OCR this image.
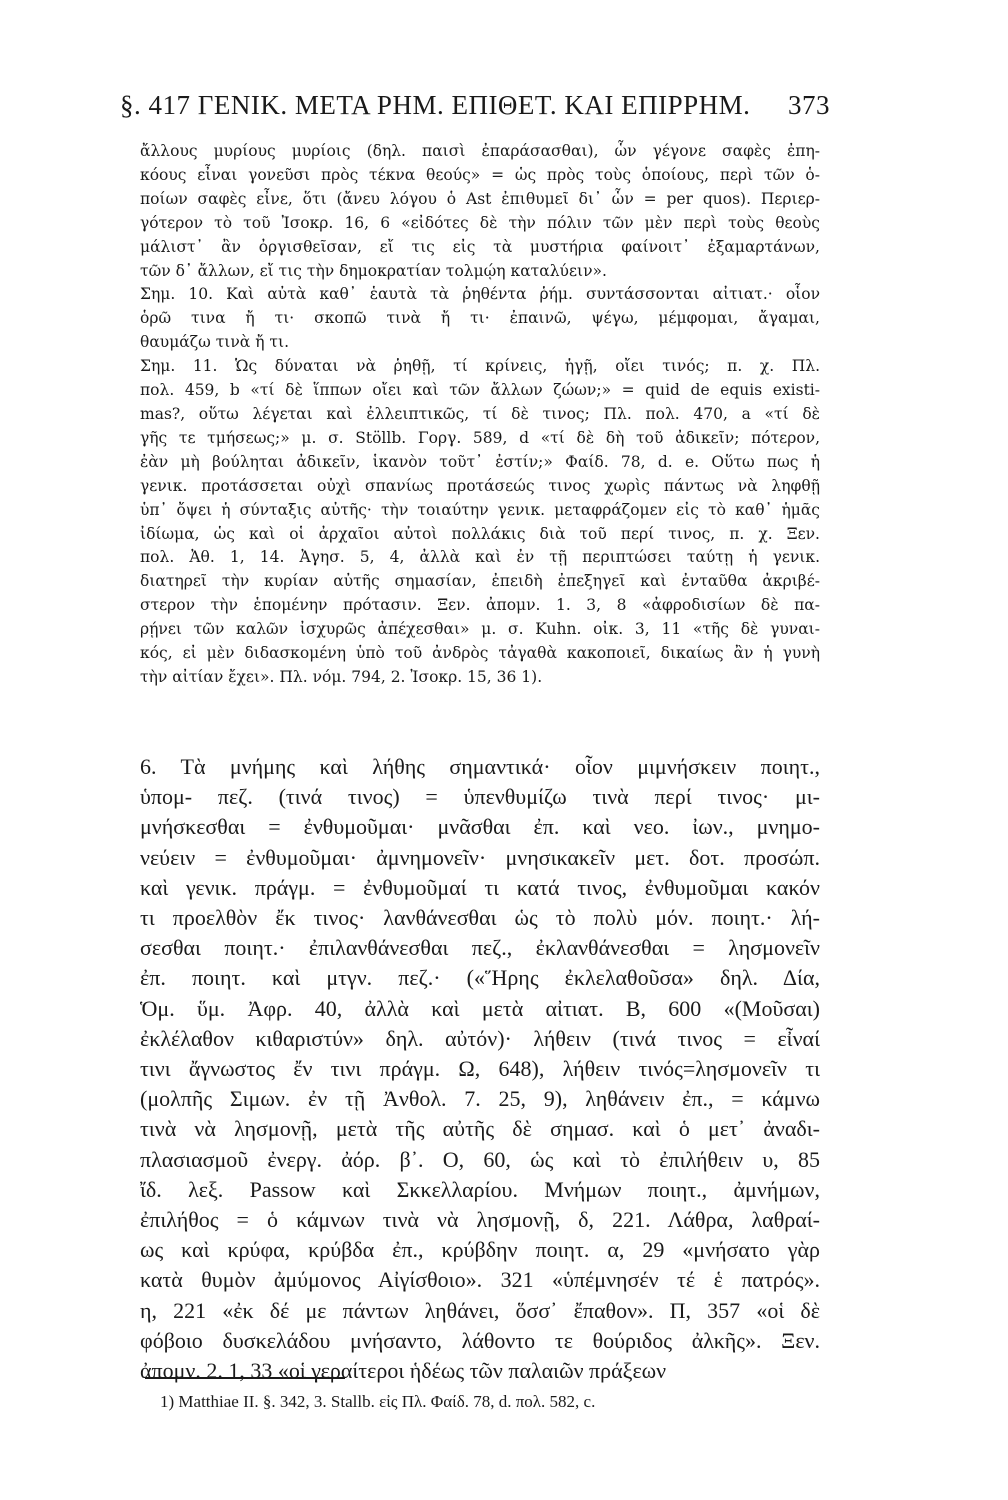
§. 417 ΓΕΝΙΚ. ΜΕΤΑ ΡΗΜ. ΕΠΙΘΕΤ. ΚΑΙ ΕΠΙΡΡΗΜ. 373
ἄλλους μυρίους μυρίοις (δηλ. παισὶ ἐπαράσασθαι), ὧν γέγονε σαφὲς ἐπη-
κόους εἶναι γονεῦσι πρὸς τέκνα θεούς» = ὡς πρὸς τοὺς ὁποίους, περὶ τῶν ὁ-
ποίων σαφὲς εἶνε, ὅτι (ἄνευ λόγου ὁ Ast ἐπιθυμεῖ δι᾿ ὧν = per quos). Περιερ-
γότερον τὸ τοῦ Ἰσοκρ. 16, 6 «εἰδότες δὲ τὴν πόλιν τῶν μὲν περὶ τοὺς θεοὺς
μάλιστ᾿ ἂν ὀργισθεῖσαν, εἴ τις εἰς τὰ μυστήρια φαίνοιτ᾿ ἐξαμαρτάνων,
τῶν δ᾿ ἄλλων, εἴ τις τὴν δημοκρατίαν τολμῴη καταλύειν».
Σημ. 10. Καὶ αὐτὰ καθ᾿ ἑαυτὰ τὰ ῥηθέντα ῥήμ. συντάσσονται αἰτιατ.· οἷον
ὁρῶ τινα ἤ τι· σκοπῶ τινὰ ἤ τι· ἐπαινῶ, ψέγω, μέμφομαι, ἄγαμαι,
θαυμάζω τινὰ ἤ τι.
Σημ. 11. Ὡς δύναται νὰ ῥηθῇ, τί κρίνεις, ἡγῇ, οἴει τινός; π. χ. Πλ.
πολ. 459, b «τί δὲ ἵππων οἴει καὶ τῶν ἄλλων ζώων;» = quid de equis existi-
mas?, οὕτω λέγεται καὶ ἐλλειπτικῶς, τί δὲ τινος; Πλ. πολ. 470, a «τί δὲ
γῆς τε τμήσεως;» μ. σ. Stöllb. Γοργ. 589, d «τί δὲ δὴ τοῦ ἀδικεῖν; πότερον,
ἐὰν μὴ βούληται ἀδικεῖν, ἱκανὸν τοῦτ᾿ ἐστίν;» Φαίδ. 78, d. e. Οὕτω πως ἡ
γενικ. προτάσσεται οὐχὶ σπανίως προτάσεώς τινος χωρὶς πάντως νὰ ληφθῇ
ὑπ᾿ ὄψει ἡ σύνταξις αὐτῆς· τὴν τοιαύτην γενικ. μεταφράζομεν εἰς τὸ καθ᾿ ἡμᾶς
ἰδίωμα, ὡς καὶ οἱ ἀρχαῖοι αὐτοὶ πολλάκις διὰ τοῦ περί τινος, π. χ. Ξεν.
πολ. Ἀθ. 1, 14. Ἀγησ. 5, 4, ἀλλὰ καὶ ἐν τῇ περιπτώσει ταύτῃ ἡ γενικ.
διατηρεῖ τὴν κυρίαν αὐτῆς σημασίαν, ἐπειδὴ ἐπεξηγεῖ καὶ ἐνταῦθα ἀκριβέ-
στερον τὴν ἑπομένην πρότασιν. Ξεν. ἀπομν. 1. 3, 8 «ἀφροδισίων δὲ πα-
ρῄνει τῶν καλῶν ἰσχυρῶς ἀπέχεσθαι» μ. σ. Kuhn. οἰκ. 3, 11 «τῆς δὲ γυναι-
κός, εἰ μὲν διδασκομένη ὑπὸ τοῦ ἀνδρὸς τἀγαθὰ κακοποιεῖ, δικαίως ἂν ἡ γυνὴ
τὴν αἰτίαν ἔχει». Πλ. νόμ. 794, 2. Ἰσοκρ. 15, 36 1).
6. Τὰ μνήμης καὶ λήθης σημαντικά· οἷον μιμνήσκειν ποιητ.,
ὑπομ- πεζ. (τινά τινος) = ὑπενθυμίζω τινὰ περί τινος· μι-
μνήσκεσθαι = ἐνθυμοῦμαι· μνᾶσθαι ἐπ. καὶ νεο. ἰων., μνημο-
νεύειν = ἐνθυμοῦμαι· ἀμνημονεῖν· μνησικακεῖν μετ. δοτ. προσώπ.
καὶ γενικ. πράγμ. = ἐνθυμοῦμαί τι κατά τινος, ἐνθυμοῦμαι κακόν
τι προελθὸν ἔκ τινος· λανθάνεσθαι ὡς τὸ πολὺ μόν. ποιητ.· λή-
σεσθαι ποιητ.· ἐπιλανθάνεσθαι πεζ., ἐκλανθάνεσθαι = λησμονεῖν
ἐπ. ποιητ. καὶ μτγν. πεζ.· («Ἥρης ἐκλελαθοῦσα» δηλ. Δία,
Ὁμ. ὕμ. Ἀφρ. 40, ἀλλὰ καὶ μετὰ αἰτιατ. B, 600 «(Μοῦσαι)
ἐκλέλαθον κιθαριστύν» δηλ. αὐτόν)· λήθειν (τινά τινος = εἶναί
τινι ἄγνωστος ἔν τινι πράγμ. Ω, 648), λήθειν τινός=λησμονεῖν τι
(μολπῆς Σιμων. ἐν τῇ Ἀνθολ. 7. 25, 9), ληθάνειν ἐπ., = κάμνω
τινὰ νὰ λησμονῇ, μετὰ τῆς αὐτῆς δὲ σημασ. καὶ ὁ μετ᾿ ἀναδι-
πλασιασμοῦ ἐνεργ. ἀόρ. β᾿. Ο, 60, ὡς καὶ τὸ ἐπιλήθειν υ, 85
ἴδ. λεξ. Passow καὶ Σκκελλαρίου. Μνήμων ποιητ., ἀμνήμων,
ἐπιλήθος = ὁ κάμνων τινὰ νὰ λησμονῇ, δ, 221. Λάθρα, λαθραί-
ως καὶ κρύφα, κρύβδα ἐπ., κρύβδην ποιητ. α, 29 «μνήσατο γὰρ
κατὰ θυμὸν ἀμύμονος Αἰγίσθοιο». 321 «ὑπέμνησέν τέ ἑ πατρός».
η, 221 «ἐκ δέ με πάντων ληθάνει, ὅσσ᾿ ἔπαθον». Π, 357 «οἱ δὲ
φόβοιο δυσκελάδου μνήσαντο, λάθοντο τε θούριδος ἀλκῆς». Ξεν.
ἀπομν. 2. 1, 33 «οἱ γεραίτεροι ἡδέως τῶν παλαιῶν πράξεων
1) Matthiae II. §. 342, 3. Stallb. εἰς Πλ. Φαίδ. 78, d. πολ. 582, c.
